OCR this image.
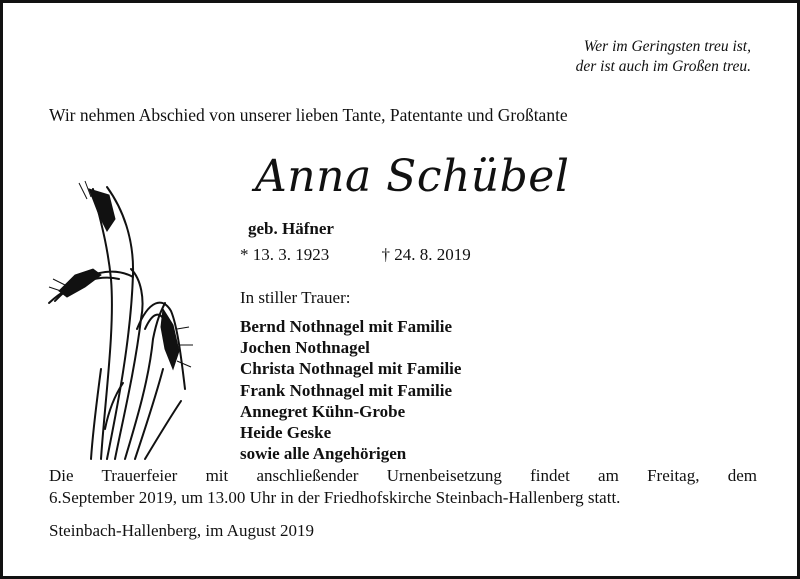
Wer im Geringsten treu ist,
der ist auch im Großen treu.
Wir nehmen Abschied von unserer lieben Tante, Patentante und Großtante
Anna Schübel
geb. Häfner
* 13. 3. 1923	† 24. 8. 2019
In stiller Trauer:
Bernd Nothnagel mit Familie
Jochen Nothnagel
Christa Nothnagel mit Familie
Frank Nothnagel mit Familie
Annegret Kühn-Grobe
Heide Geske
sowie alle Angehörigen
Die Trauerfeier mit anschließender Urnenbeisetzung findet am Freitag, dem
6.September 2019, um 13.00 Uhr in der Friedhofskirche Steinbach-Hallenberg statt.
Steinbach-Hallenberg, im August 2019
